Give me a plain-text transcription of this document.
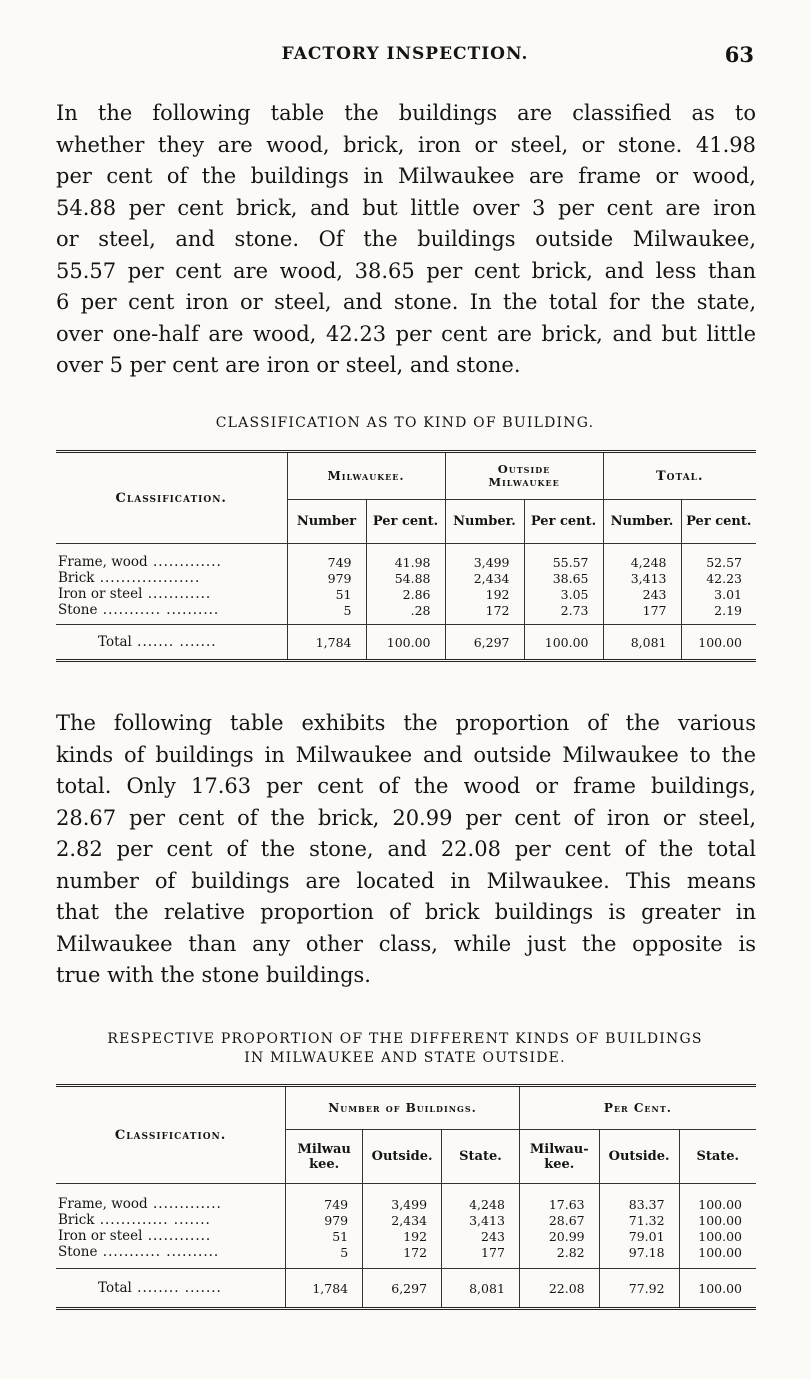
FACTORY INSPECTION.	63
In the following table the buildings are classified as to
whether they are wood, brick, iron or steel, or stone. 41.98
per cent of the buildings in Milwaukee are frame or wood,
54.88 per cent brick, and but little over 3 per cent are iron
or steel, and stone. Of the buildings outside Milwaukee,
55.57 per cent are wood, 38.65 per cent brick, and less than
6 per cent iron or steel, and stone. In the total for the state,
over one-half are wood, 42.23 per cent are brick, and but little
over 5 per cent are iron or steel, and stone.
CLASSIFICATION AS TO KIND OF BUILDING.
Classification.	Milwaukee.		Outside Milwaukee		Total.	
	Number	Per cent.	Number.	Per cent.	Number.	Per cent.
Frame, wood .............	749	41.98	3,499	55.57	4,248	52.57
Brick ...................	979	54.88	2,434	38.65	3,413	42.23
Iron or steel ............	51	2.86	192	3.05	243	3.01
Stone ........... ..........	5	.28	172	2.73	177	2.19
Total ....... .......	1,784	100.00	6,297	100.00	8,081	100.00
The following table exhibits the proportion of the various
kinds of buildings in Milwaukee and outside Milwaukee to the
total. Only 17.63 per cent of the wood or frame buildings,
28.67 per cent of the brick, 20.99 per cent of iron or steel,
2.82 per cent of the stone, and 22.08 per cent of the total
number of buildings are located in Milwaukee. This means
that the relative proportion of brick buildings is greater in
Milwaukee than any other class, while just the opposite is
true with the stone buildings.
RESPECTIVE PROPORTION OF THE DIFFERENT KINDS OF BUILDINGS
IN MILWAUKEE AND STATE OUTSIDE.
Classification.	Number of Buildings.			Per Cent.		
	Milwau kee.	Outside.	State.	Milwau- kee.	Outside.	State.
Frame, wood .............	749	3,499	4,248	17.63	83.37	100.00
Brick ............. .......	979	2,434	3,413	28.67	71.32	100.00
Iron or steel ............	51	192	243	20.99	79.01	100.00
Stone ........... ..........	5	172	177	2.82	97.18	100.00
Total ........ .......	1,784	6,297	8,081	22.08	77.92	100.00
